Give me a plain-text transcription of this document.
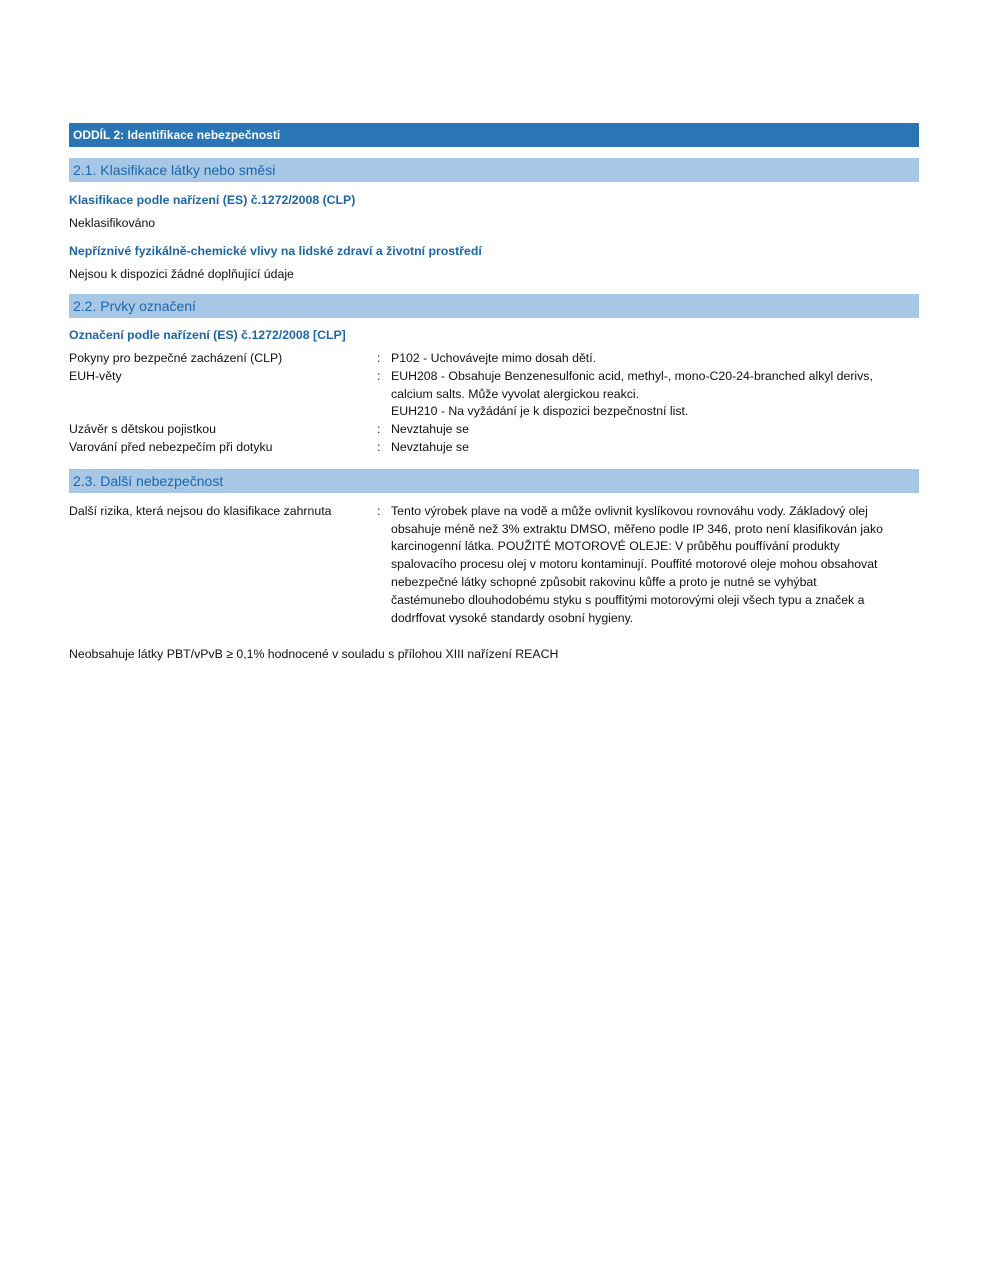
ODDÍL 2: Identifikace nebezpečnosti
2.1. Klasifikace látky nebo směsi
Klasifikace podle nařízení (ES) č.1272/2008 (CLP)
Neklasifikováno
Nepříznivé fyzikálně-chemické vlivy na lidské zdraví a životní prostředí
Nejsou k dispozici žádné doplňující údaje
2.2. Prvky označení
Označení podle nařízení (ES) č.1272/2008 [CLP]
Pokyny pro bezpečné zacházení (CLP)	: P102 - Uchovávejte mimo dosah dětí.
EUH-věty	: EUH208 - Obsahuje Benzenesulfonic acid, methyl-, mono-C20-24-branched alkyl derivs,
calcium salts. Může vyvolat alergickou reakci.
EUH210 - Na vyžádání je k dispozici bezpečnostní list.
Uzávěr s dětskou pojistkou	: Nevztahuje se
Varování před nebezpečím při dotyku	: Nevztahuje se
2.3. Další nebezpečnost
Další rizika, která nejsou do klasifikace zahrnuta	: Tento výrobek plave na vodě a může ovlivnit kyslíkovou rovnováhu vody. Základový olej
obsahuje méně než 3% extraktu DMSO, měřeno podle IP 346, proto není klasifikován jako
karcinogenní látka. POUŽITÉ MOTOROVÉ OLEJE: V průběhu pouffívání produkty
spalovacího procesu olej v motoru kontaminují. Pouffité motorové oleje mohou obsahovat
nebezpečné látky schopné způsobit rakovinu kůffe a proto je nutné se vyhýbat
častémunebo dlouhodobému styku s pouffitými motorovými oleji všech typu a značek a
dodrffovat vysoké standardy osobní hygieny.
Neobsahuje látky PBT/vPvB ≥ 0,1% hodnocené v souladu s přílohou XIII nařízení REACH
